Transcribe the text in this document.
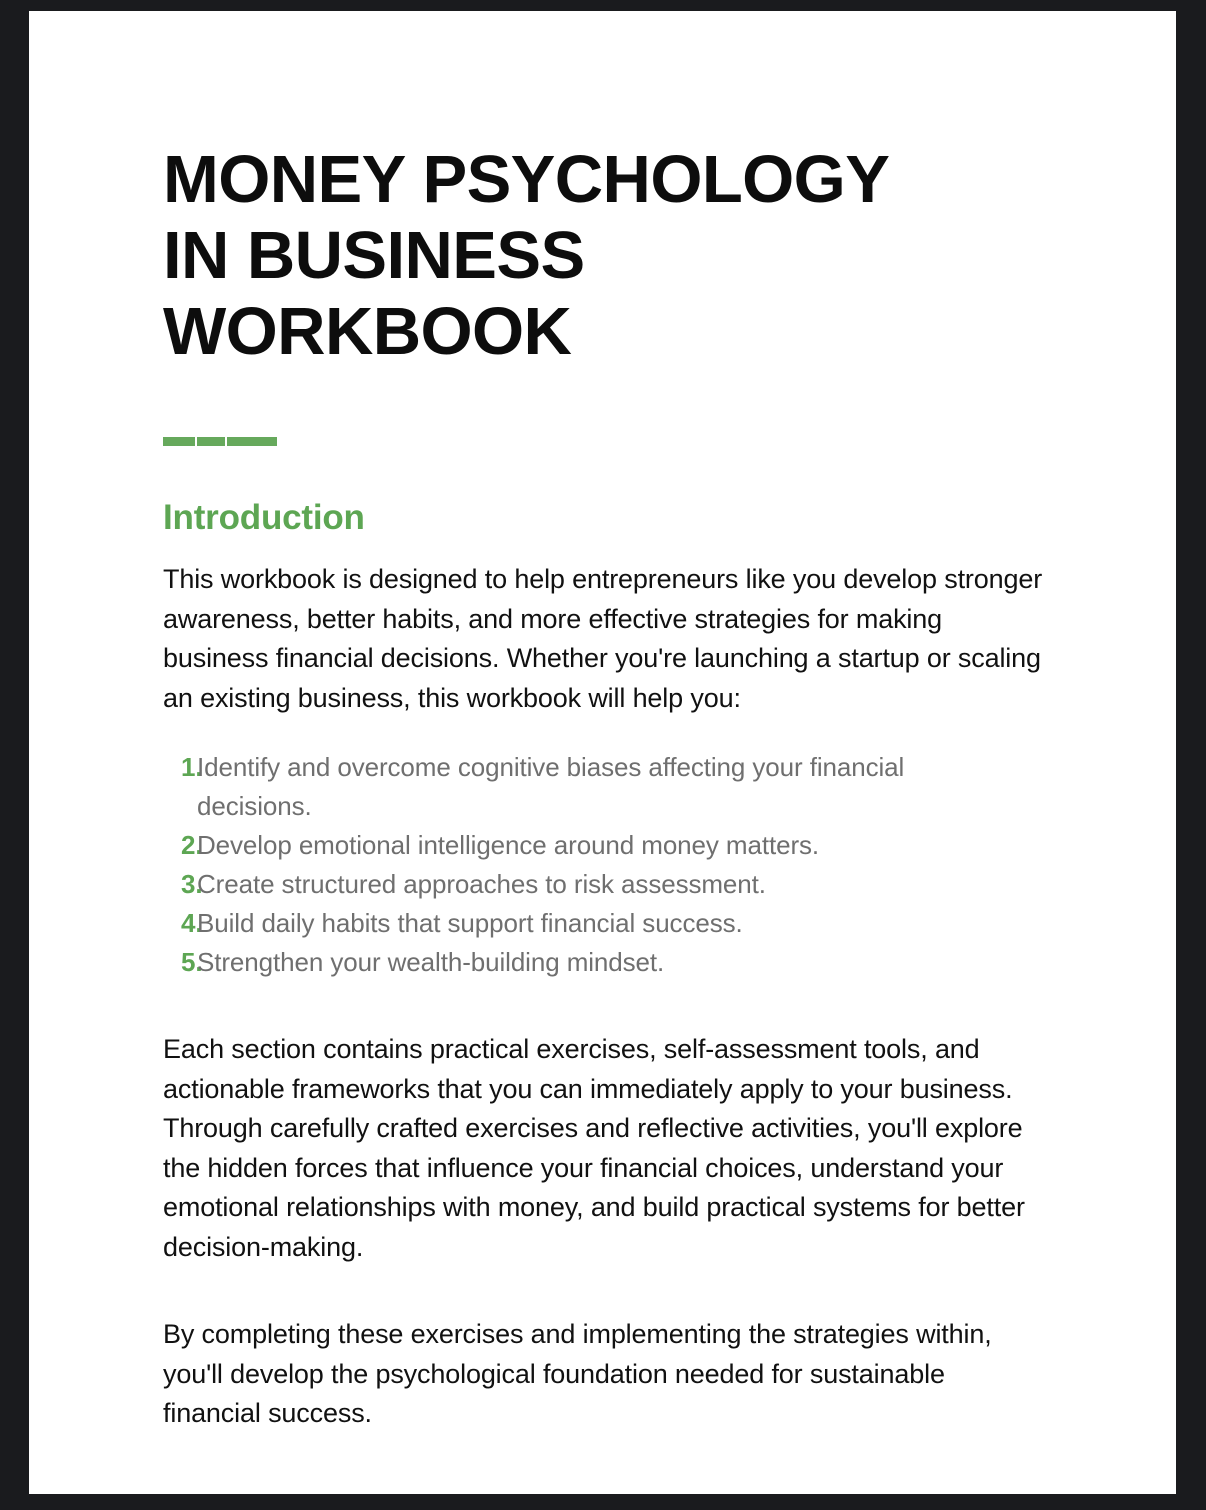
MONEY PSYCHOLOGY IN BUSINESS WORKBOOK
Introduction

This workbook is designed to help entrepreneurs like you develop stronger awareness, better habits, and more effective strategies for making business financial decisions. Whether you're launching a startup or scaling an existing business, this workbook will help you:

1.
Identify and overcome cognitive biases affecting your financial decisions.
2.
Develop emotional intelligence around money matters.
3.
Create structured approaches to risk assessment.
4.
Build daily habits that support financial success.
5.
Strengthen your wealth-building mindset.

Each section contains practical exercises, self-assessment tools, and actionable frameworks that you can immediately apply to your business. Through carefully crafted exercises and reflective activities, you'll explore the hidden forces that influence your financial choices, understand your emotional relationships with money, and build practical systems for better decision-making.

By completing these exercises and implementing the strategies within, you'll develop the psychological foundation needed for sustainable financial success.
